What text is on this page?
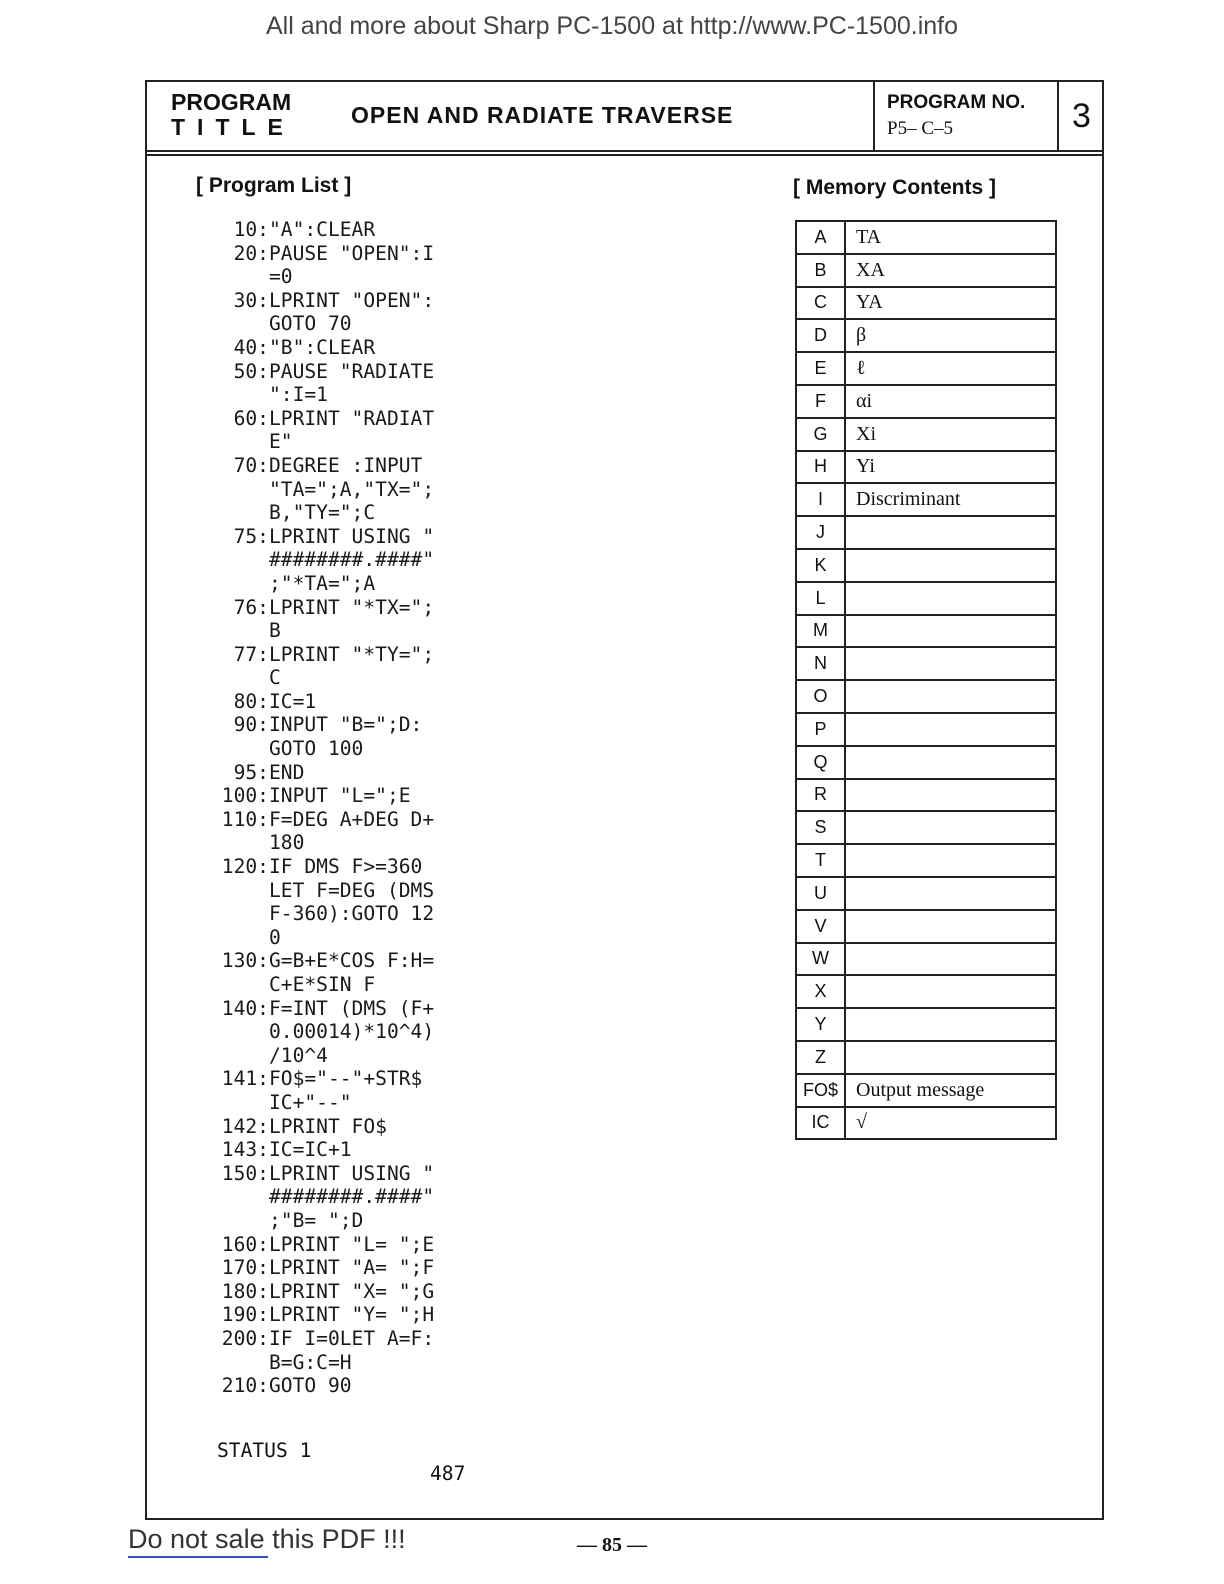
All and more about Sharp PC-1500 at http://www.PC-1500.info
PROGRAM
TITLE OPEN AND RADIATE TRAVERSE	PROGRAM NO.
P5– C–5	3
[ Program List ]
10:"A":CLEAR
20:PAUSE "OPEN":I
=0
30:LPRINT "OPEN":
GOTO 70
40:"B":CLEAR
50:PAUSE "RADIATE
":I=1
60:LPRINT "RADIAT
E"
70:DEGREE :INPUT
"TA=";A,"TX=";
B,"TY=";C
75:LPRINT USING "
########.####"
;"*TA=";A
76:LPRINT "*TX=";
B
77:LPRINT "*TY=";
C
80:IC=1
90:INPUT "B=";D:
GOTO 100
95:END
100:INPUT "L=";E
110:F=DEG A+DEG D+
180
120:IF DMS F>=360
LET F=DEG (DMS
F-360):GOTO 12
0
130:G=B+E*COS F:H=
C+E*SIN F
140:F=INT (DMS (F+
0.00014)*10^4)
/10^4
141:FO$="--"+STR$
IC+"--"
142:LPRINT FO$
143:IC=IC+1
150:LPRINT USING "
########.####"
;"B= ";D
160:LPRINT "L= ";E
170:LPRINT "A= ";F
180:LPRINT "X= ";G
190:LPRINT "Y= ";H
200:IF I=0LET A=F:
B=G:C=H
210:GOTO 90

[ Memory Contents ]
A	TA
B	XA
C	YA
D	β
E	ℓ
F	αi
G	Xi
H	Yi
I	Discriminant
J	
K	
L	
M	
N	
O	
P	
Q	
R	
S	
T	
U	
V	
W	
X	
Y	
Z	
FO$	Output message
IC	√
STATUS 1
487
Do not sale this PDF !!!	— 85 —
